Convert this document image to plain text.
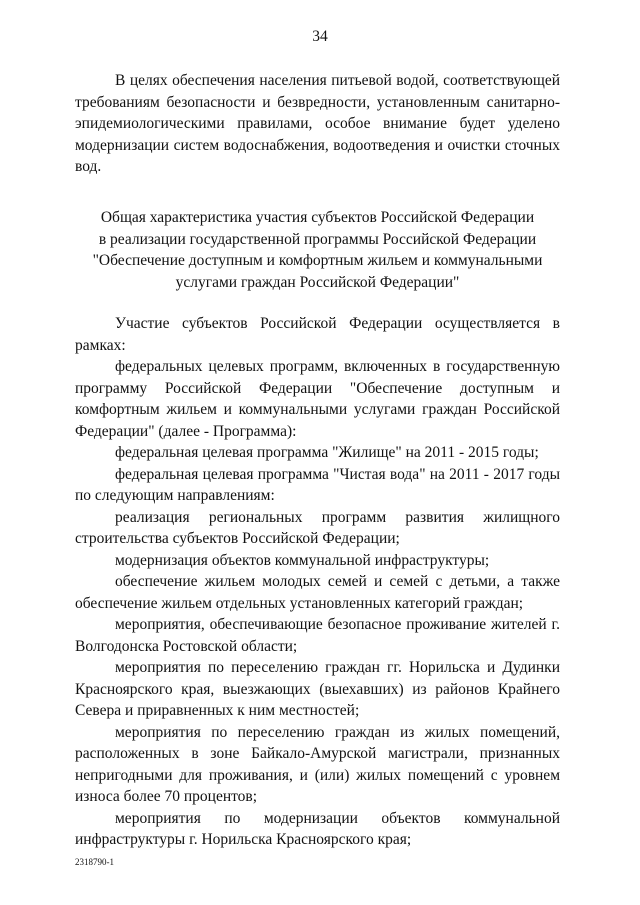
34

В целях обеспечения населения питьевой водой, соответствующей требованиям безопасности и безвредности, установленным санитарно-эпидемиологическими правилами, особое внимание будет уделено модернизации систем водоснабжения, водоотведения и очистки сточных вод.

Общая характеристика участия субъектов Российской Федерации

в реализации государственной программы Российской Федерации

"Обеспечение доступным и комфортным жильем и коммунальными

услугами граждан Российской Федерации"

Участие субъектов Российской Федерации осуществляется в рамках:

федеральных целевых программ, включенных в государственную программу Российской Федерации "Обеспечение доступным и комфортным жильем и коммунальными услугами граждан Российской Федерации" (далее - Программа):

федеральная целевая программа "Жилище" на 2011 - 2015 годы;

федеральная целевая программа "Чистая вода" на 2011 - 2017 годы по следующим направлениям:

реализация региональных программ развития жилищного строительства субъектов Российской Федерации;

модернизация объектов коммунальной инфраструктуры;

обеспечение жильем молодых семей и семей с детьми, а также обеспечение жильем отдельных установленных категорий граждан;

мероприятия, обеспечивающие безопасное проживание жителей г. Волгодонска Ростовской области;

мероприятия по переселению граждан гг. Норильска и Дудинки Красноярского края, выезжающих (выехавших) из районов Крайнего Севера и приравненных к ним местностей;

мероприятия по переселению граждан из жилых помещений, расположенных в зоне Байкало-Амурской магистрали, признанных непригодными для проживания, и (или) жилых помещений с уровнем износа более 70 процентов;

мероприятия по модернизации объектов коммунальной инфраструктуры г. Норильска Красноярского края;

2318790-1
